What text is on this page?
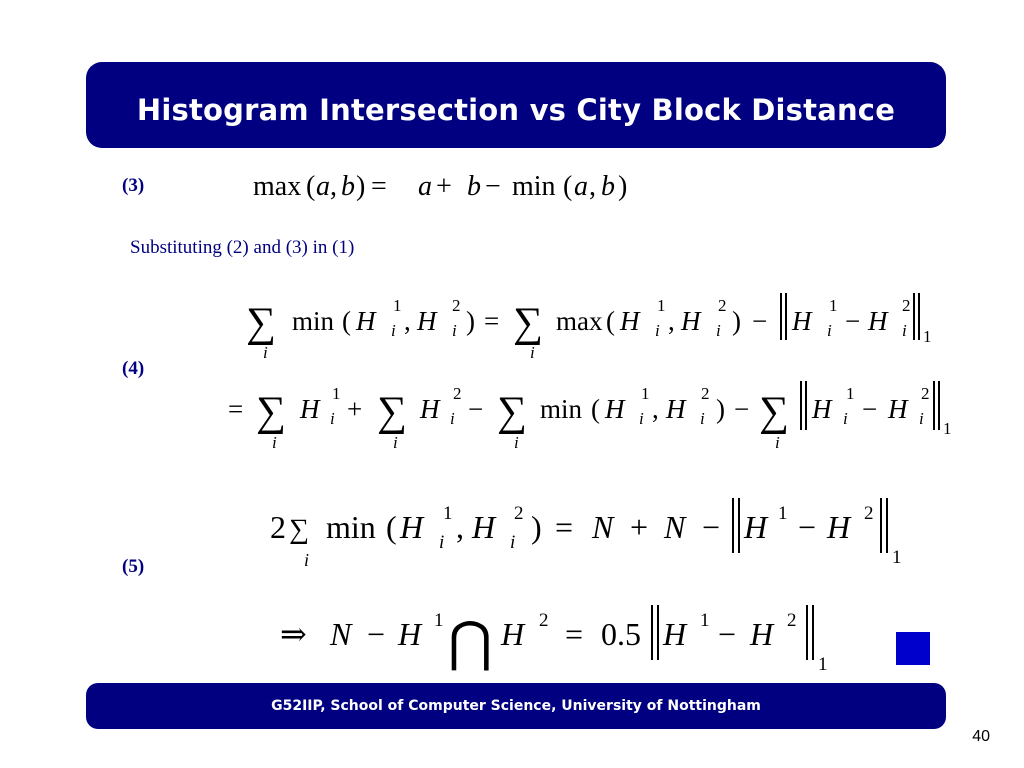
Histogram Intersection vs City Block Distance
(3)
Substituting (2) and (3) in (1)
(4)
(5)
max ( a , b ) = a + b − min ( a , b )
∑
i
min ( H
1
i , H
2
i ) = ∑
i
max ( H
1
i , H
2
i ) − H
1
i − H
2
i 1
= ∑
i
H
1
i + ∑
i
H
2
i − ∑
i
min ( H
1
i , H
2
i ) − ∑
i
H
1
i − H
2
i
1
2 ∑
i
min ( H 1
i , H 2
i ) = N + N − H 1 − H 2
1
⇒ N − H 1 ⋂ H 2 = 0.5 H 1 − H 2
1
G52IIP, School of Computer Science, University of Nottingham
40
